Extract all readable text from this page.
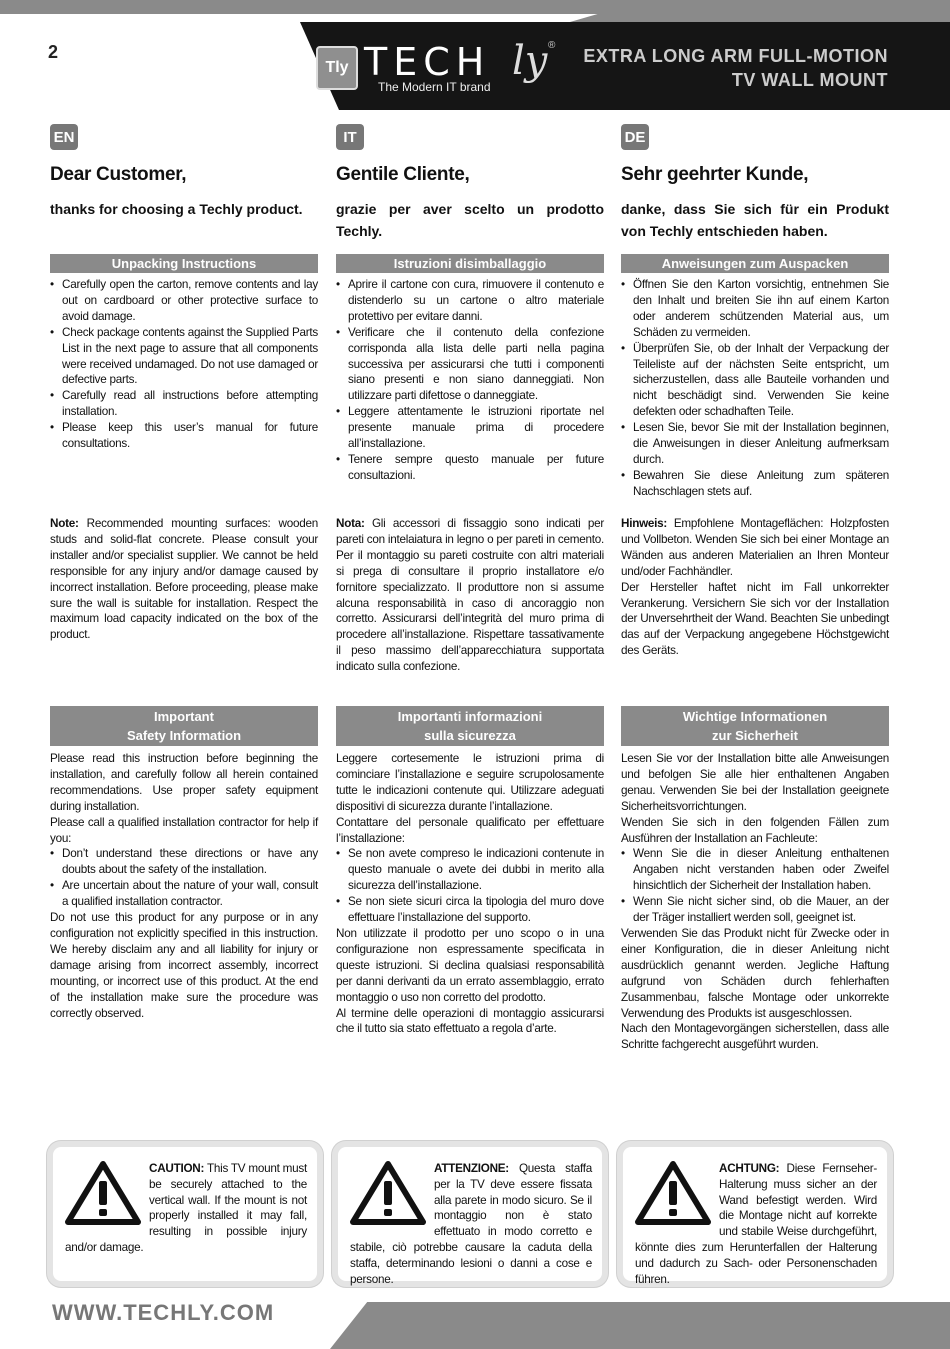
2
Tly TECH ly ®
The Modern IT brand
EXTRA LONG ARM FULL-MOTION
TV WALL MOUNT
EN
Dear Customer,
thanks for choosing a Techly product.
Unpacking Instructions
• Carefully open the carton, remove contents and lay out on cardboard or other protective surface to avoid damage.
• Check package contents against the Supplied Parts List in the next page to assure that all components were received undamaged. Do not use damaged or defective parts.
• Carefully read all instructions before attempting installation.
• Please keep this user’s manual for future consultations.

Note: Recommended mounting surfaces: wooden studs and solid-flat concrete. Please consult your installer and/or specialist supplier. We cannot be held responsible for any injury and/or damage caused by incorrect installation. Before proceeding, please make sure the wall is suitable for installation. Respect the maximum load capacity indicated on the box of the product.

Important
Safety Information

Please read this instruction before beginning the installation, and carefully follow all herein contained recommendations. Use proper safety equipment during installation.

Please call a qualified installation contractor for help if you:

• Don’t understand these directions or have any doubts about the safety of the installation.
• Are uncertain about the nature of your wall, consult a qualified installation contractor.

Do not use this product for any purpose or in any configuration not explicitly specified in this instruction. We hereby disclaim any and all liability for injury or damage arising from incorrect assembly, incorrect mounting, or incorrect use of this product. At the end of the installation make sure the procedure was correctly observed.

IT
Gentile Cliente,
grazie per aver scelto un prodotto Techly.
Istruzioni disimballaggio
• Aprire il cartone con cura, rimuovere il contenuto e distenderlo su un cartone o altro materiale protettivo per evitare danni.
• Verificare che il contenuto della confezione corrisponda alla lista delle parti nella pagina successiva per assicurarsi che tutti i componenti siano presenti e non siano danneggiati. Non utilizzare parti difettose o danneggiate.
• Leggere attentamente le istruzioni riportate nel presente manuale prima di procedere all’installazione.
• Tenere sempre questo manuale per future consultazioni.

Nota: Gli accessori di fissaggio sono indicati per pareti con intelaiatura in legno o per pareti in cemento. Per il montaggio su pareti costruite con altri materiali si prega di consultare il proprio installatore e/o fornitore specializzato. Il produttore non si assume alcuna responsabilità in caso di ancoraggio non corretto. Assicurarsi dell’integrità del muro prima di procedere all’installazione. Rispettare tassativamente il peso massimo dell’apparecchiatura supportata indicato sulla confezione.

Importanti informazioni
sulla sicurezza

Leggere cortesemente le istruzioni prima di cominciare l’installazione e seguire scrupolosamente tutte le indicazioni contenute qui. Utilizzare adeguati dispositivi di sicurezza durante l’intallazione.

Contattare del personale qualificato per effettuare l’installazione:

• Se non avete compreso le indicazioni contenute in questo manuale o avete dei dubbi in merito alla sicurezza dell’installazione.
• Se non siete sicuri circa la tipologia del muro dove effettuare l’installazione del supporto.

Non utilizzate il prodotto per uno scopo o in una configurazione non espressamente specificata in queste istruzioni. Si declina qualsiasi responsabilità per danni derivanti da un errato assemblaggio, errato montaggio o uso non corretto del prodotto.

Al termine delle operazioni di montaggio assicurarsi che il tutto sia stato effettuato a regola d’arte.

DE
Sehr geehrter Kunde,
danke, dass Sie sich für ein Produkt von Techly entschieden haben.
Anweisungen zum Auspacken
• Öffnen Sie den Karton vorsichtig, entnehmen Sie den Inhalt und breiten Sie ihn auf einem Karton oder anderem schützenden Material aus, um Schäden zu vermeiden.
• Überprüfen Sie, ob der Inhalt der Verpackung der Teileliste auf der nächsten Seite entspricht, um sicherzustellen, dass alle Bauteile vorhanden und nicht beschädigt sind. Verwenden Sie keine defekten oder schadhaften Teile.
• Lesen Sie, bevor Sie mit der Installation beginnen, die Anweisungen in dieser Anleitung aufmerksam durch.
• Bewahren Sie diese Anleitung zum späteren Nachschlagen stets auf.

Hinweis: Empfohlene Montageflächen: Holzpfosten und Vollbeton. Wenden Sie sich bei einer Montage an Wänden aus anderen Materialien an Ihren Monteur und/oder Fachhändler.

Der Hersteller haftet nicht im Fall unkorrekter Verankerung. Versichern Sie sich vor der Installation der Unversehrtheit der Wand. Beachten Sie unbedingt das auf der Verpackung angegebene Höchstgewicht des Geräts.

Wichtige Informationen
zur Sicherheit

Lesen Sie vor der Installation bitte alle Anweisungen und befolgen Sie alle hier enthaltenen Angaben genau. Verwenden Sie bei der Installation geeignete Sicherheitsvorrichtungen.

Wenden Sie sich in den folgenden Fällen zum Ausführen der Installation an Fachleute:

• Wenn Sie die in dieser Anleitung enthaltenen Angaben nicht verstanden haben oder Zweifel hinsichtlich der Sicherheit der Installation haben.
• Wenn Sie nicht sicher sind, ob die Mauer, an der der Träger installiert werden soll, geeignet ist.

Verwenden Sie das Produkt nicht für Zwecke oder in einer Konfiguration, die in dieser Anleitung nicht ausdrücklich genannt werden. Jegliche Haftung aufgrund von Schäden durch fehlerhaften Zusammenbau, falsche Montage oder unkorrekte Verwendung des Produkts ist ausgeschlossen.

Nach den Montagevorgängen sicherstellen, dass alle Schritte fachgerecht ausgeführt wurden.

CAUTION: This TV mount must be securely attached to the vertical wall. If the mount is not properly installed it may fall, resulting in possible injury and/or damage.
ATTENZIONE: Questa staffa per la TV deve essere fissata alla parete in modo sicuro. Se il montaggio non è stato effettuato in modo corretto e stabile, ciò potrebbe causare la caduta della staffa, determinando lesioni o danni a cose e persone.
ACHTUNG: Diese Fernseher-Halterung muss sicher an der Wand befestigt werden. Wird die Montage nicht auf korrekte und stabile Weise durchgeführt, könnte dies zum Herunterfallen der Halterung und dadurch zu Sach- oder Personenschaden führen.
WWW.TECHLY.COM
